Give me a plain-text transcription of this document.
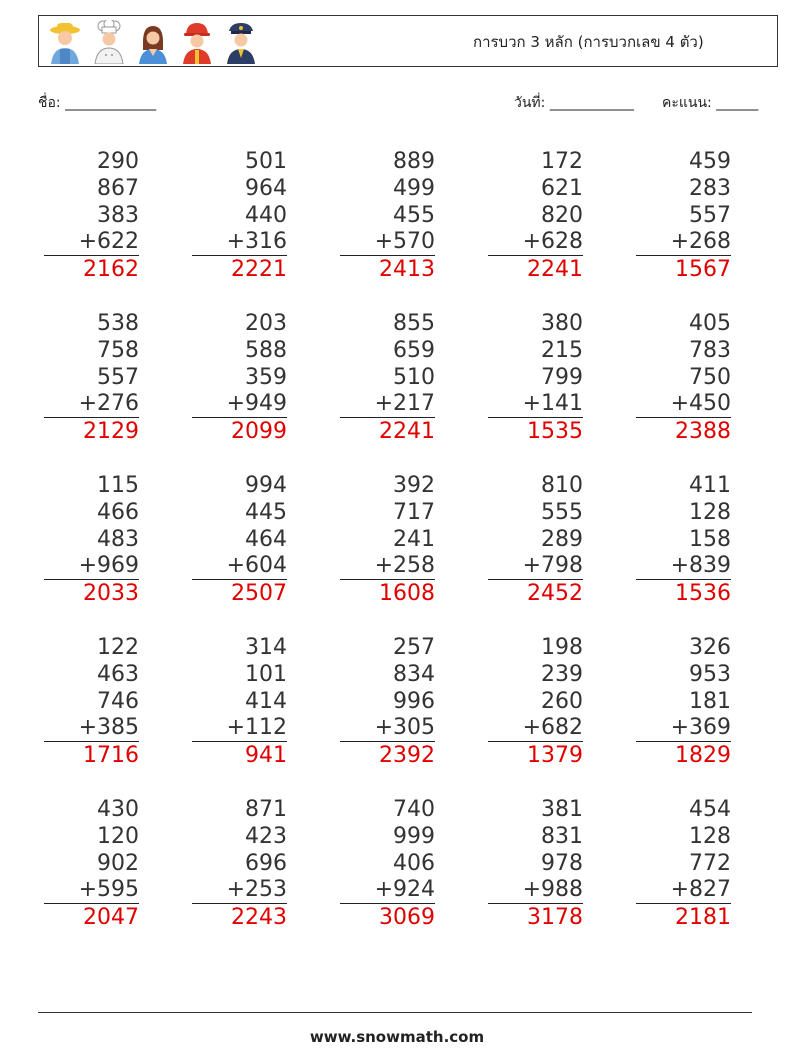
การบวก 3 หลัก (การบวกเลข 4 ตัว)
ชื่อ: _____________	วันที่: ____________ คะแนน: ______
290
867
383
+622
2162
501
964
440
+316
2221
889
499
455
+570
2413
172
621
820
+628
2241
459
283
557
+268
1567
538
758
557
+276
2129
203
588
359
+949
2099
855
659
510
+217
2241
380
215
799
+141
1535
405
783
750
+450
2388
115
466
483
+969
2033
994
445
464
+604
2507
392
717
241
+258
1608
810
555
289
+798
2452
411
128
158
+839
1536
122
463
746
+385
1716
314
101
414
+112
941
257
834
996
+305
2392
198
239
260
+682
1379
326
953
181
+369
1829
430
120
902
+595
2047
871
423
696
+253
2243
740
999
406
+924
3069
381
831
978
+988
3178
454
128
772
+827
2181
www.snowmath.com
